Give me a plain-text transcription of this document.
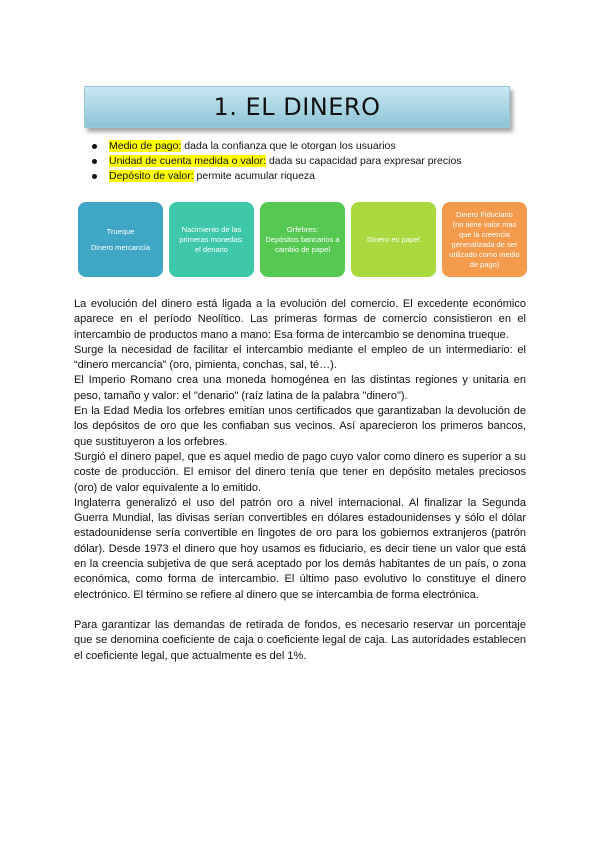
1. EL DINERO
Medio de pago: dada la confianza que le otorgan los usuarios
Unidad de cuenta medida o valor: dada su capacidad para expresar precios
Depósito de valor: permite acumular riqueza
Trueque
Dinero mercancía
Nacimiento de las primeras monedas:
el denario
Orfebres:
Depósitos bancarios a cambio de papel
Dinero en papel
Dinero Fiduciario
(no tiene valor mas que la creencia generalizada de ser utilizado como medio de pago)

La evolución del dinero está ligada a la evolución del comercio. El excedente económico aparece en el período Neolítico. Las primeras formas de comercio consistieron en el intercambio de productos mano a mano: Esa forma de intercambio se denomina trueque.

Surge la necesidad de facilitar el intercambio mediante el empleo de un intermediario: el “dinero mercancía” (oro, pimienta, conchas, sal, té…).

El Imperio Romano crea una moneda homogénea en las distintas regiones y unitaria en peso, tamaño y valor: el "denario" (raíz latina de la palabra "dinero").

En la Edad Media los orfebres emitían unos certificados que garantizaban la devolución de los depósitos de oro que les confiaban sus vecinos. Así aparecieron los primeros bancos, que sustituyeron a los orfebres.

Surgió el dinero papel, que es aquel medio de pago cuyo valor como dinero es superior a su coste de producción. El emisor del dinero tenía que tener en depósito metales preciosos (oro) de valor equivalente a lo emitido.

Inglaterra generalizó el uso del patrón oro a nivel internacional. Al finalizar la Segunda Guerra Mundial, las divisas serían convertibles en dólares estadounidenses y sólo el dólar estadounidense sería convertible en lingotes de oro para los gobiernos extranjeros (patrón dólar). Desde 1973 el dinero que hoy usamos es fiduciario, es decir tiene un valor que está en la creencia subjetiva de que será aceptado por los demás habitantes de un país, o zona económica, como forma de intercambio. El último paso evolutivo lo constituye el dinero electrónico. El término se refiere al dinero que se intercambia de forma electrónica.

Para garantizar las demandas de retirada de fondos, es necesario reservar un porcentaje que se denomina coeficiente de caja o coeficiente legal de caja. Las autoridades establecen el coeficiente legal, que actualmente es del 1%.
